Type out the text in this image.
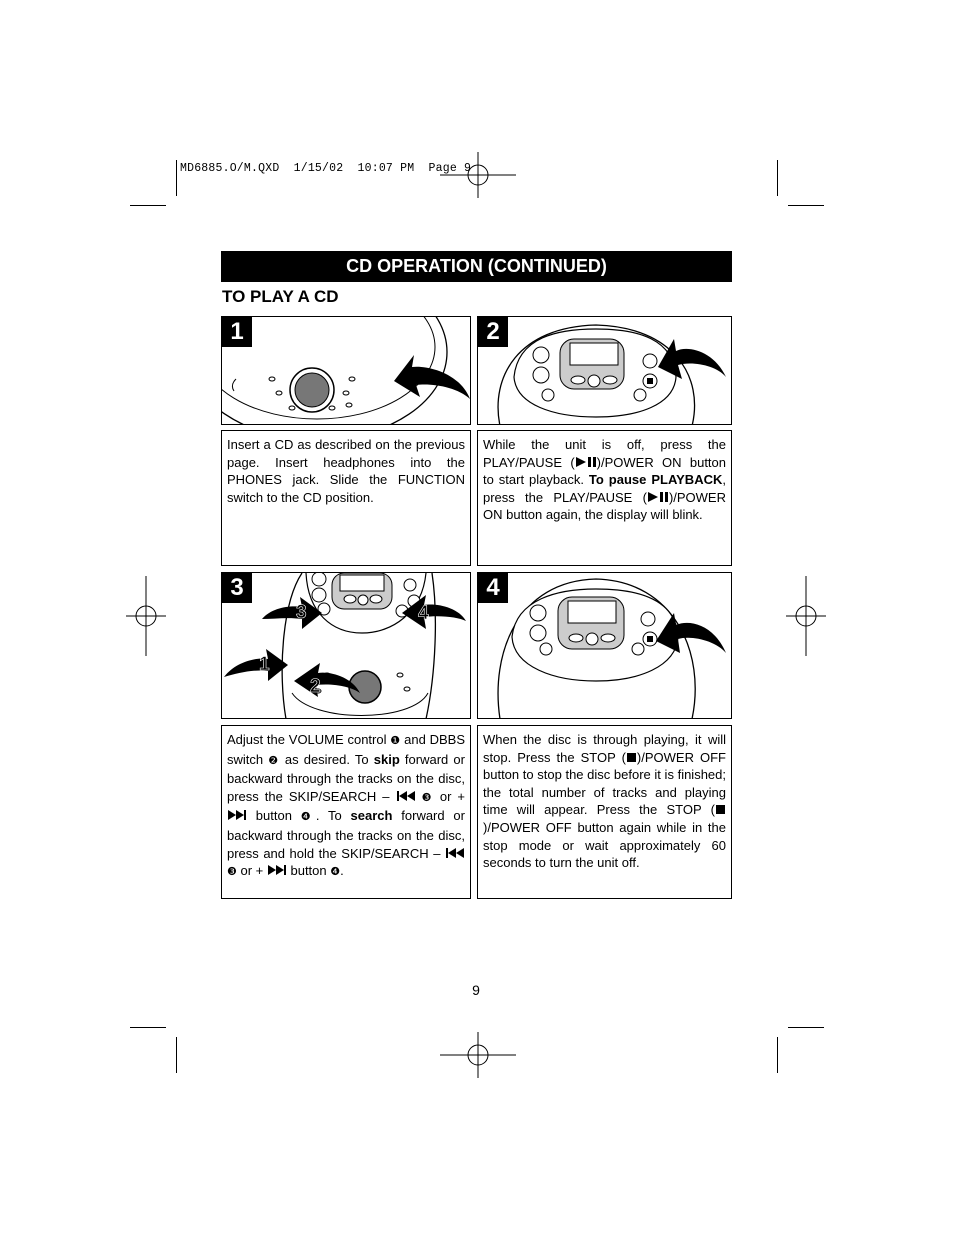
MD6885.O/M.QXD  1/15/02  10:07 PM  Page 9
CD OPERATION (CONTINUED)
TO PLAY A CD
1	2

Insert a CD as described on the previous page. Insert headphones into the PHONES jack. Slide the FUNCTION switch to the CD position.

While the unit is off, press the PLAY/PAUSE ( )/POWER ON button to start playback. To pause PLAYBACK, press the PLAY/PAUSE ( )/POWER ON button again, the display will blink.

3
3	4
1
2
4

Adjust the VOLUME control ❶ and DBBS switch ❷ as desired. To skip forward or backward through the tracks on the disc, press the SKIP/SEARCH –  ❸ or +  button ❹. To search forward or backward through the tracks on the disc, press and hold the SKIP/SEARCH –  ❸ or +  button ❹.

When the disc is through playing, it will stop. Press the STOP ( )/POWER OFF button to stop the disc before it is finished; the total number of tracks and playing time will appear. Press the STOP ()/POWER OFF button again while in the stop mode or wait approximately 60 seconds to turn the unit off.

9
